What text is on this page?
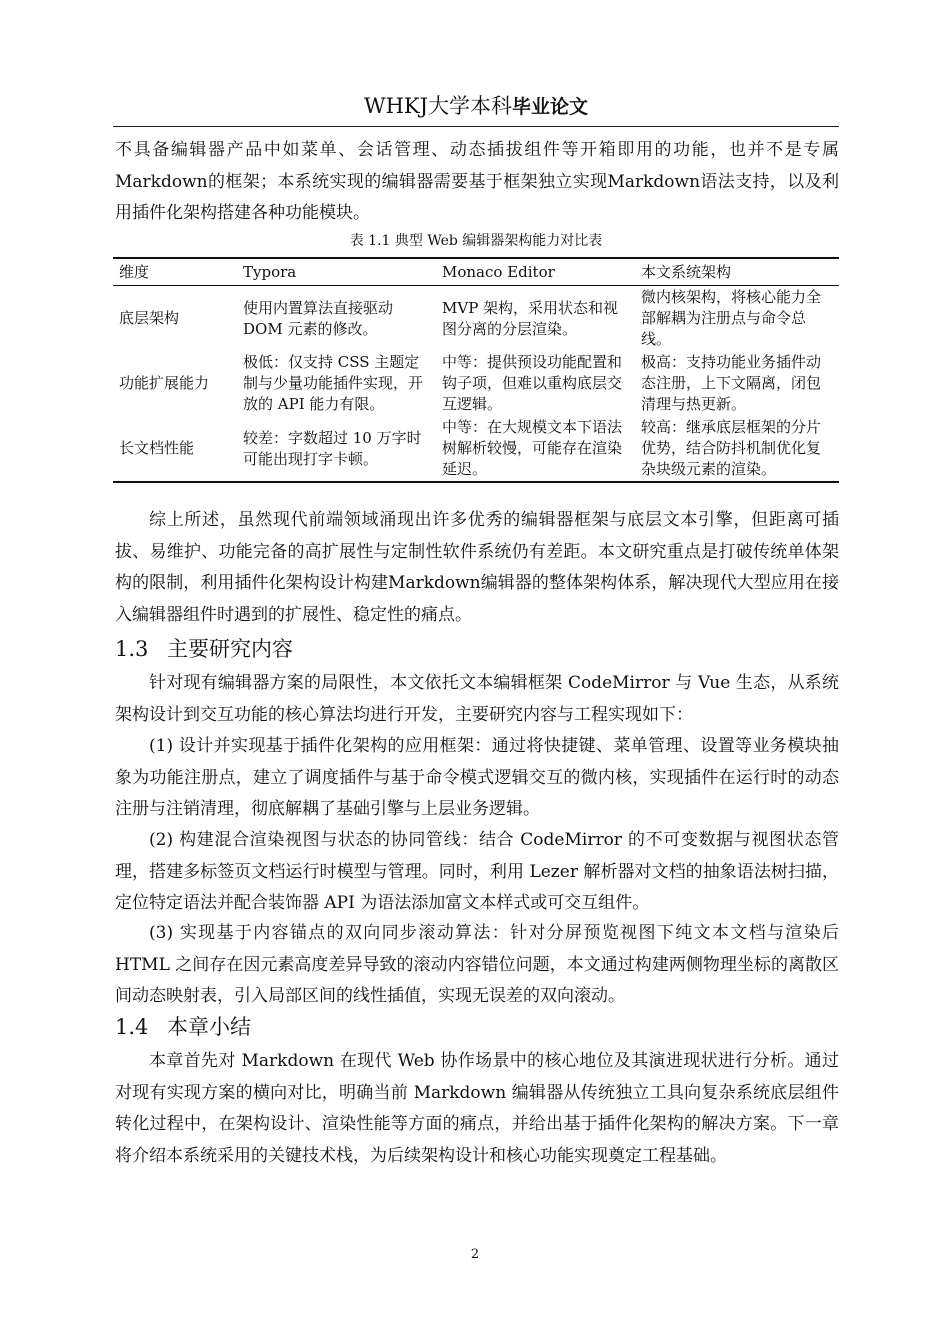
WHKJ大学本科毕业论文

不具备编辑器产品中如菜单、会话管理、动态插拔组件等开箱即用的功能，也并不是专属Markdown的框架；本系统实现的编辑器需要基于框架独立实现Markdown语法支持，以及利用插件化架构搭建各种功能模块。

表 1.1 典型 Web 编辑器架构能力对比表
维度	Typora	Monaco Editor	本文系统架构
底层架构	使用内置算法直接驱动DOM 元素的修改。	MVP 架构，采用状态和视图分离的分层渲染。	微内核架构，将核心能力全部解耦为注册点与命令总线。
功能扩展能力	极低：仅支持 CSS 主题定制与少量功能插件实现，开放的 API 能力有限。	中等：提供预设功能配置和钩子项，但难以重构底层交互逻辑。	极高：支持功能业务插件动态注册，上下文隔离，闭包清理与热更新。
长文档性能	较差：字数超过 10 万字时可能出现打字卡顿。	中等：在大规模文本下语法树解析较慢，可能存在渲染延迟。	较高：继承底层框架的分片优势，结合防抖机制优化复杂块级元素的渲染。

综上所述，虽然现代前端领域涌现出许多优秀的编辑器框架与底层文本引擎，但距离可插拔、易维护、功能完备的高扩展性与定制性软件系统仍有差距。本文研究重点是打破传统单体架构的限制，利用插件化架构设计构建Markdown编辑器的整体架构体系，解决现代大型应用在接入编辑器组件时遇到的扩展性、稳定性的痛点。

1.3 主要研究内容

针对现有编辑器方案的局限性，本文依托文本编辑框架 CodeMirror 与 Vue 生态，从系统架构设计到交互功能的核心算法均进行开发，主要研究内容与工程实现如下：

(1) 设计并实现基于插件化架构的应用框架：通过将快捷键、菜单管理、设置等业务模块抽象为功能注册点，建立了调度插件与基于命令模式逻辑交互的微内核，实现插件在运行时的动态注册与注销清理，彻底解耦了基础引擎与上层业务逻辑。

(2) 构建混合渲染视图与状态的协同管线：结合 CodeMirror 的不可变数据与视图状态管理，搭建多标签页文档运行时模型与管理。同时，利用 Lezer 解析器对文档的抽象语法树扫描，定位特定语法并配合装饰器 API 为语法添加富文本样式或可交互组件。

(3) 实现基于内容锚点的双向同步滚动算法：针对分屏预览视图下纯文本文档与渲染后 HTML 之间存在因元素高度差异导致的滚动内容错位问题，本文通过构建两侧物理坐标的离散区间动态映射表，引入局部区间的线性插值，实现无误差的双向滚动。

1.4 本章小结

本章首先对 Markdown 在现代 Web 协作场景中的核心地位及其演进现状进行分析。通过对现有实现方案的横向对比，明确当前 Markdown 编辑器从传统独立工具向复杂系统底层组件转化过程中，在架构设计、渲染性能等方面的痛点，并给出基于插件化架构的解决方案。下一章将介绍本系统采用的关键技术栈，为后续架构设计和核心功能实现奠定工程基础。

2
